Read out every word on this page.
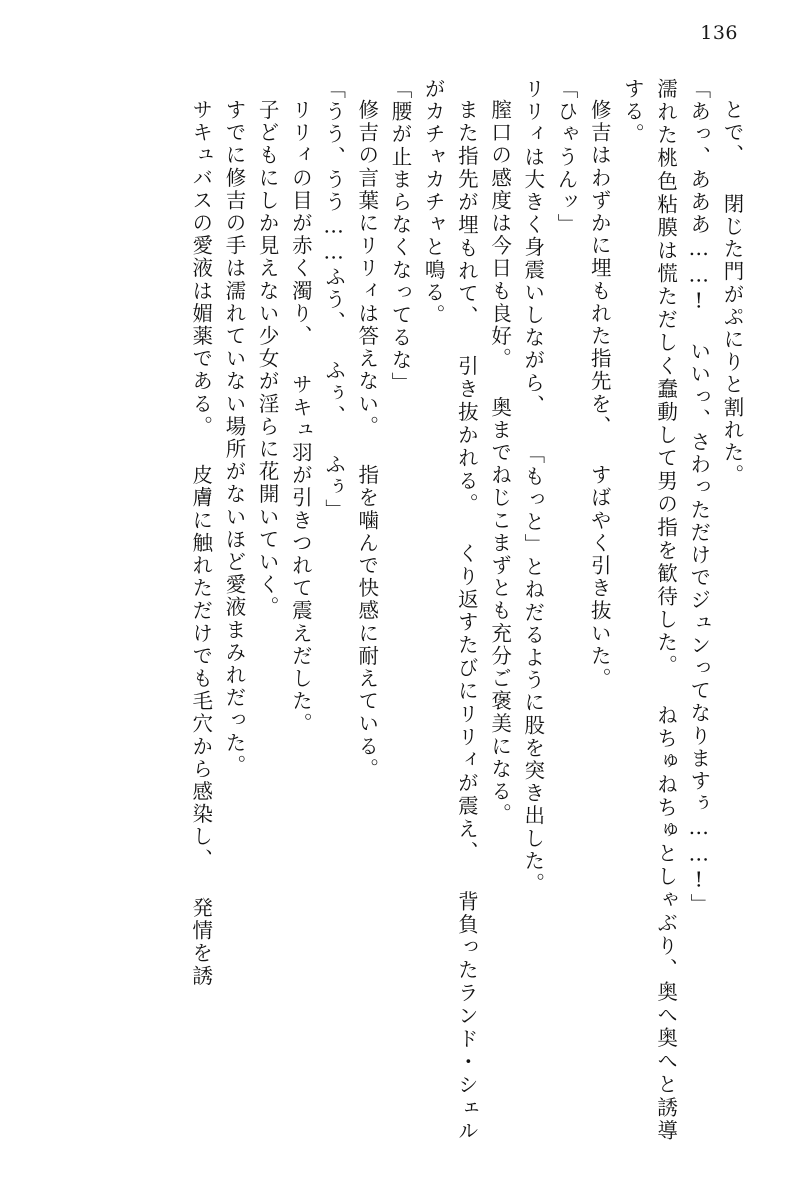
136

とで、 閉じた門がぷにりと割れた。

「あっ、あああ……! いいっ、さわっただけでジュンってなりますぅ……!」

濡れた桃色粘膜は慌ただしく蠢動して男の指を歓待した。 ねちゅねちゅとしゃぶり、奥へ奥へと誘導する。

修吉はわずかに埋もれた指先を、 すばやく引き抜いた。

「ひゃうんッ」

リリィは大きく身震いしながら、 「もっと」とねだるように股を突き出した。

膣口の感度は今日も良好。 奥までねじこまずとも充分ご褒美になる。

また指先が埋もれて、 引き抜かれる。 くり返すたびにリリィが震え、 背負ったランド・シェルがカチャカチャと鳴る。

「腰が止まらなくなってるな」

修吉の言葉にリリィは答えない。 指を噛んで快感に耐えている。

「うう、うう……ふう、 ふぅ、 ふぅ」

リリィの目が赤く濁り、 サキュ羽が引きつれて震えだした。

子どもにしか見えない少女が淫らに花開いていく。

すでに修吉の手は濡れていない場所がないほど愛液まみれだった。

サキュバスの愛液は媚薬である。 皮膚に触れただけでも毛穴から感染し、 発情を誘
